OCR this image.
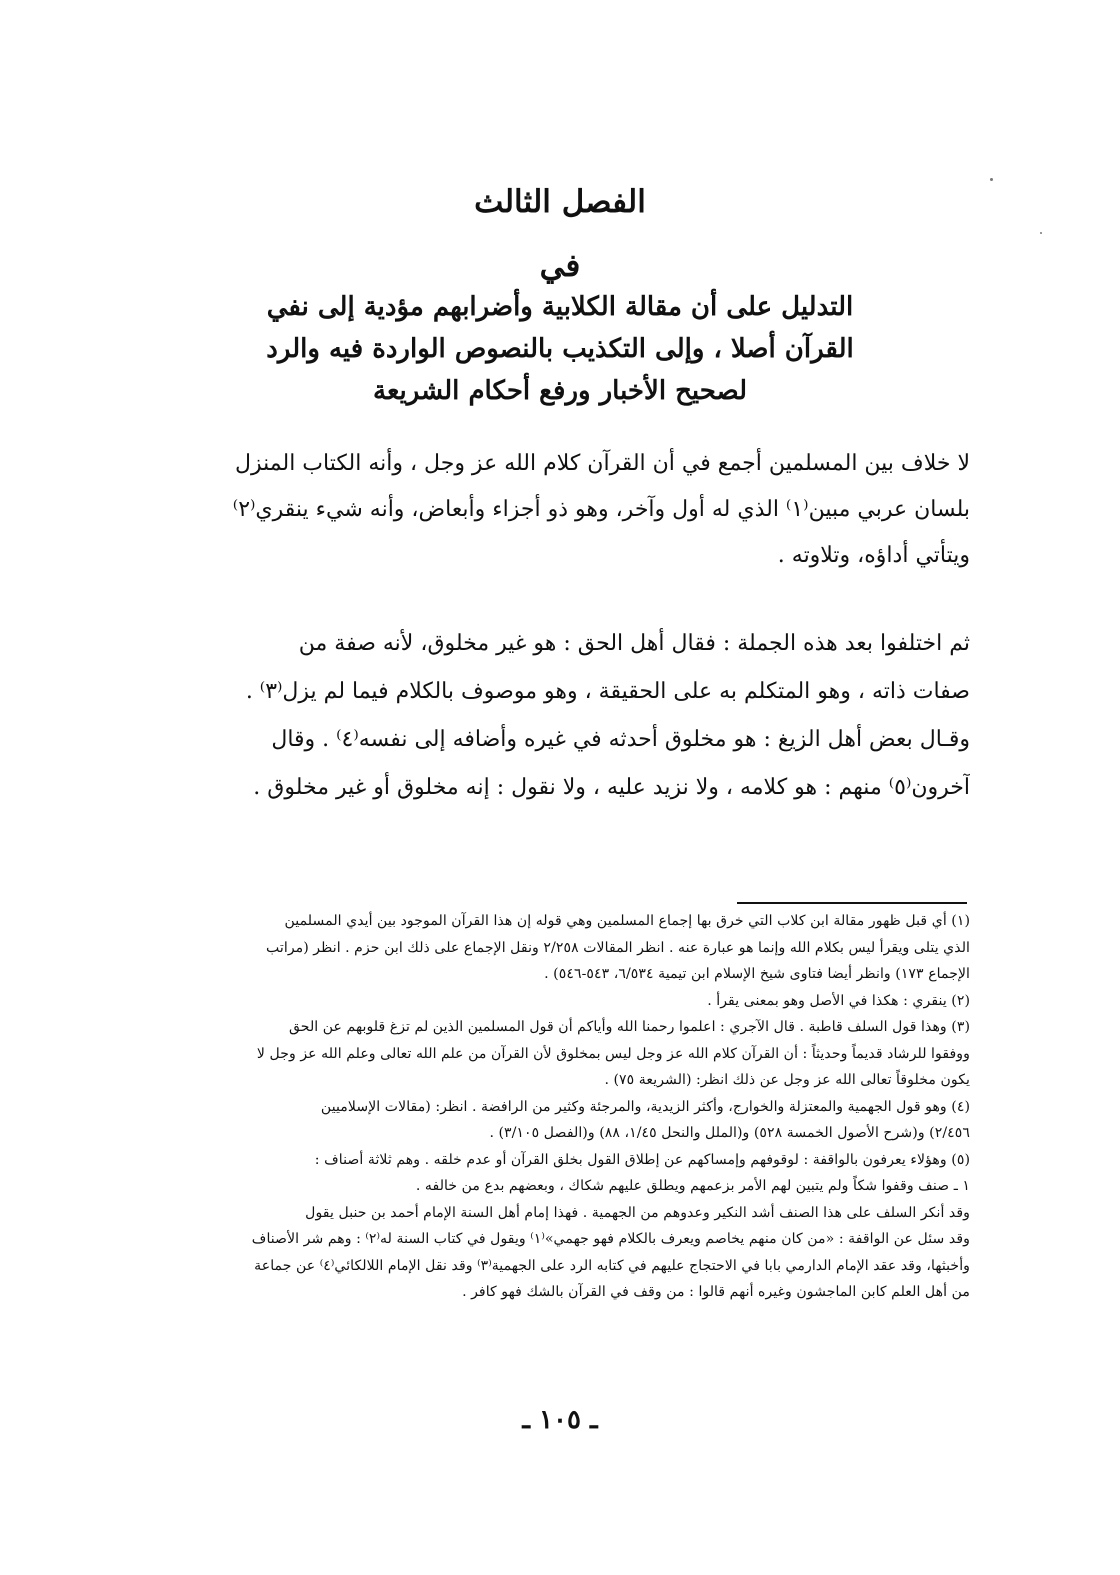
الفصل الثالث
في
التدليل على أن مقالة الكلابية وأضرابهم مؤدية إلى نفي
القرآن أصلا ، وإلى التكذيب بالنصوص الواردة فيه والرد
لصحيح الأخبار ورفع أحكام الشريعة
لا خلاف بين المسلمين أجمع في أن القرآن كلام الله عز وجل ، وأنه الكتاب المنزل
بلسان عربي مبين⁽١⁾ الذي له أول وآخر، وهو ذو أجزاء وأبعاض، وأنه شيء ينقري⁽٢⁾
ويتأتي أداؤه، وتلاوته .
ثم اختلفوا بعد هذه الجملة : فقال أهل الحق : هو غير مخلوق، لأنه صفة من
صفات ذاته ، وهو المتكلم به على الحقيقة ، وهو موصوف بالكلام فيما لم يزل⁽٣⁾ .
وقـال بعض أهل الزيغ : هو مخلوق أحدثه في غيره وأضافه إلى نفسه⁽٤⁾ . وقال
آخرون⁽٥⁾ منهم : هو كلامه ، ولا نزيد عليه ، ولا نقول : إنه مخلوق أو غير مخلوق .
(١) أي قبل ظهور مقالة ابن كلاب التي خرق بها إجماع المسلمين وهي قوله إن هذا القرآن الموجود بين أيدي المسلمين
الذي يتلى ويقرأ ليس بكلام الله وإنما هو عبارة عنه . انظر المقالات ٢/٢٥٨ ونقل الإجماع على ذلك ابن حزم . انظر (مراتب
الإجماع ١٧٣) وانظر أيضا فتاوى شيخ الإسلام ابن تيمية ٦/٥٣٤، ٥٤٣-٥٤٦) .
(٢) ينقري : هكذا في الأصل وهو بمعنى يقرأ .
(٣) وهذا قول السلف قاطبة . قال الآجري : اعلموا رحمنا الله وأياكم أن قول المسلمين الذين لم تزغ قلوبهم عن الحق
ووفقوا للرشاد قديماً وحديثاً : أن القرآن كلام الله عز وجل ليس بمخلوق لأن القرآن من علم الله تعالى وعلم الله عز وجل لا
يكون مخلوقاً تعالى الله عز وجل عن ذلك انظر: (الشريعة ٧٥) .
(٤) وهو قول الجهمية والمعتزلة والخوارج، وأكثر الزيدية، والمرجئة وكثير من الرافضة . انظر: (مقالات الإسلاميين
٢/٤٥٦) و(شرح الأصول الخمسة ٥٢٨) و(الملل والنحل ١/٤٥، ٨٨) و(الفصل ٣/١٠٥) .
(٥) وهؤلاء يعرفون بالواقفة : لوقوفهم وإمساكهم عن إطلاق القول بخلق القرآن أو عدم خلقه . وهم ثلاثة أصناف :
١ ـ صنف وقفوا شكاً ولم يتبين لهم الأمر بزعمهم ويطلق عليهم شكاك ، وبعضهم بدع من خالفه .
وقد أنكر السلف على هذا الصنف أشد النكير وعدوهم من الجهمية . فهذا إمام أهل السنة الإمام أحمد بن حنبل يقول
وقد سئل عن الواقفة : «من كان منهم يخاصم ويعرف بالكلام فهو جهمي»⁽١⁾ ويقول في كتاب السنة له⁽٢⁾ : وهم شر الأصناف
وأخبثها، وقد عقد الإمام الدارمي بابا في الاحتجاج عليهم في كتابه الرد على الجهمية⁽٣⁾ وقد نقل الإمام اللالكائي⁽٤⁾ عن جماعة
من أهل العلم كابن الماجشون وغيره أنهم قالوا : من وقف في القرآن بالشك فهو كافر .
ـ ١٠٥ ـ
